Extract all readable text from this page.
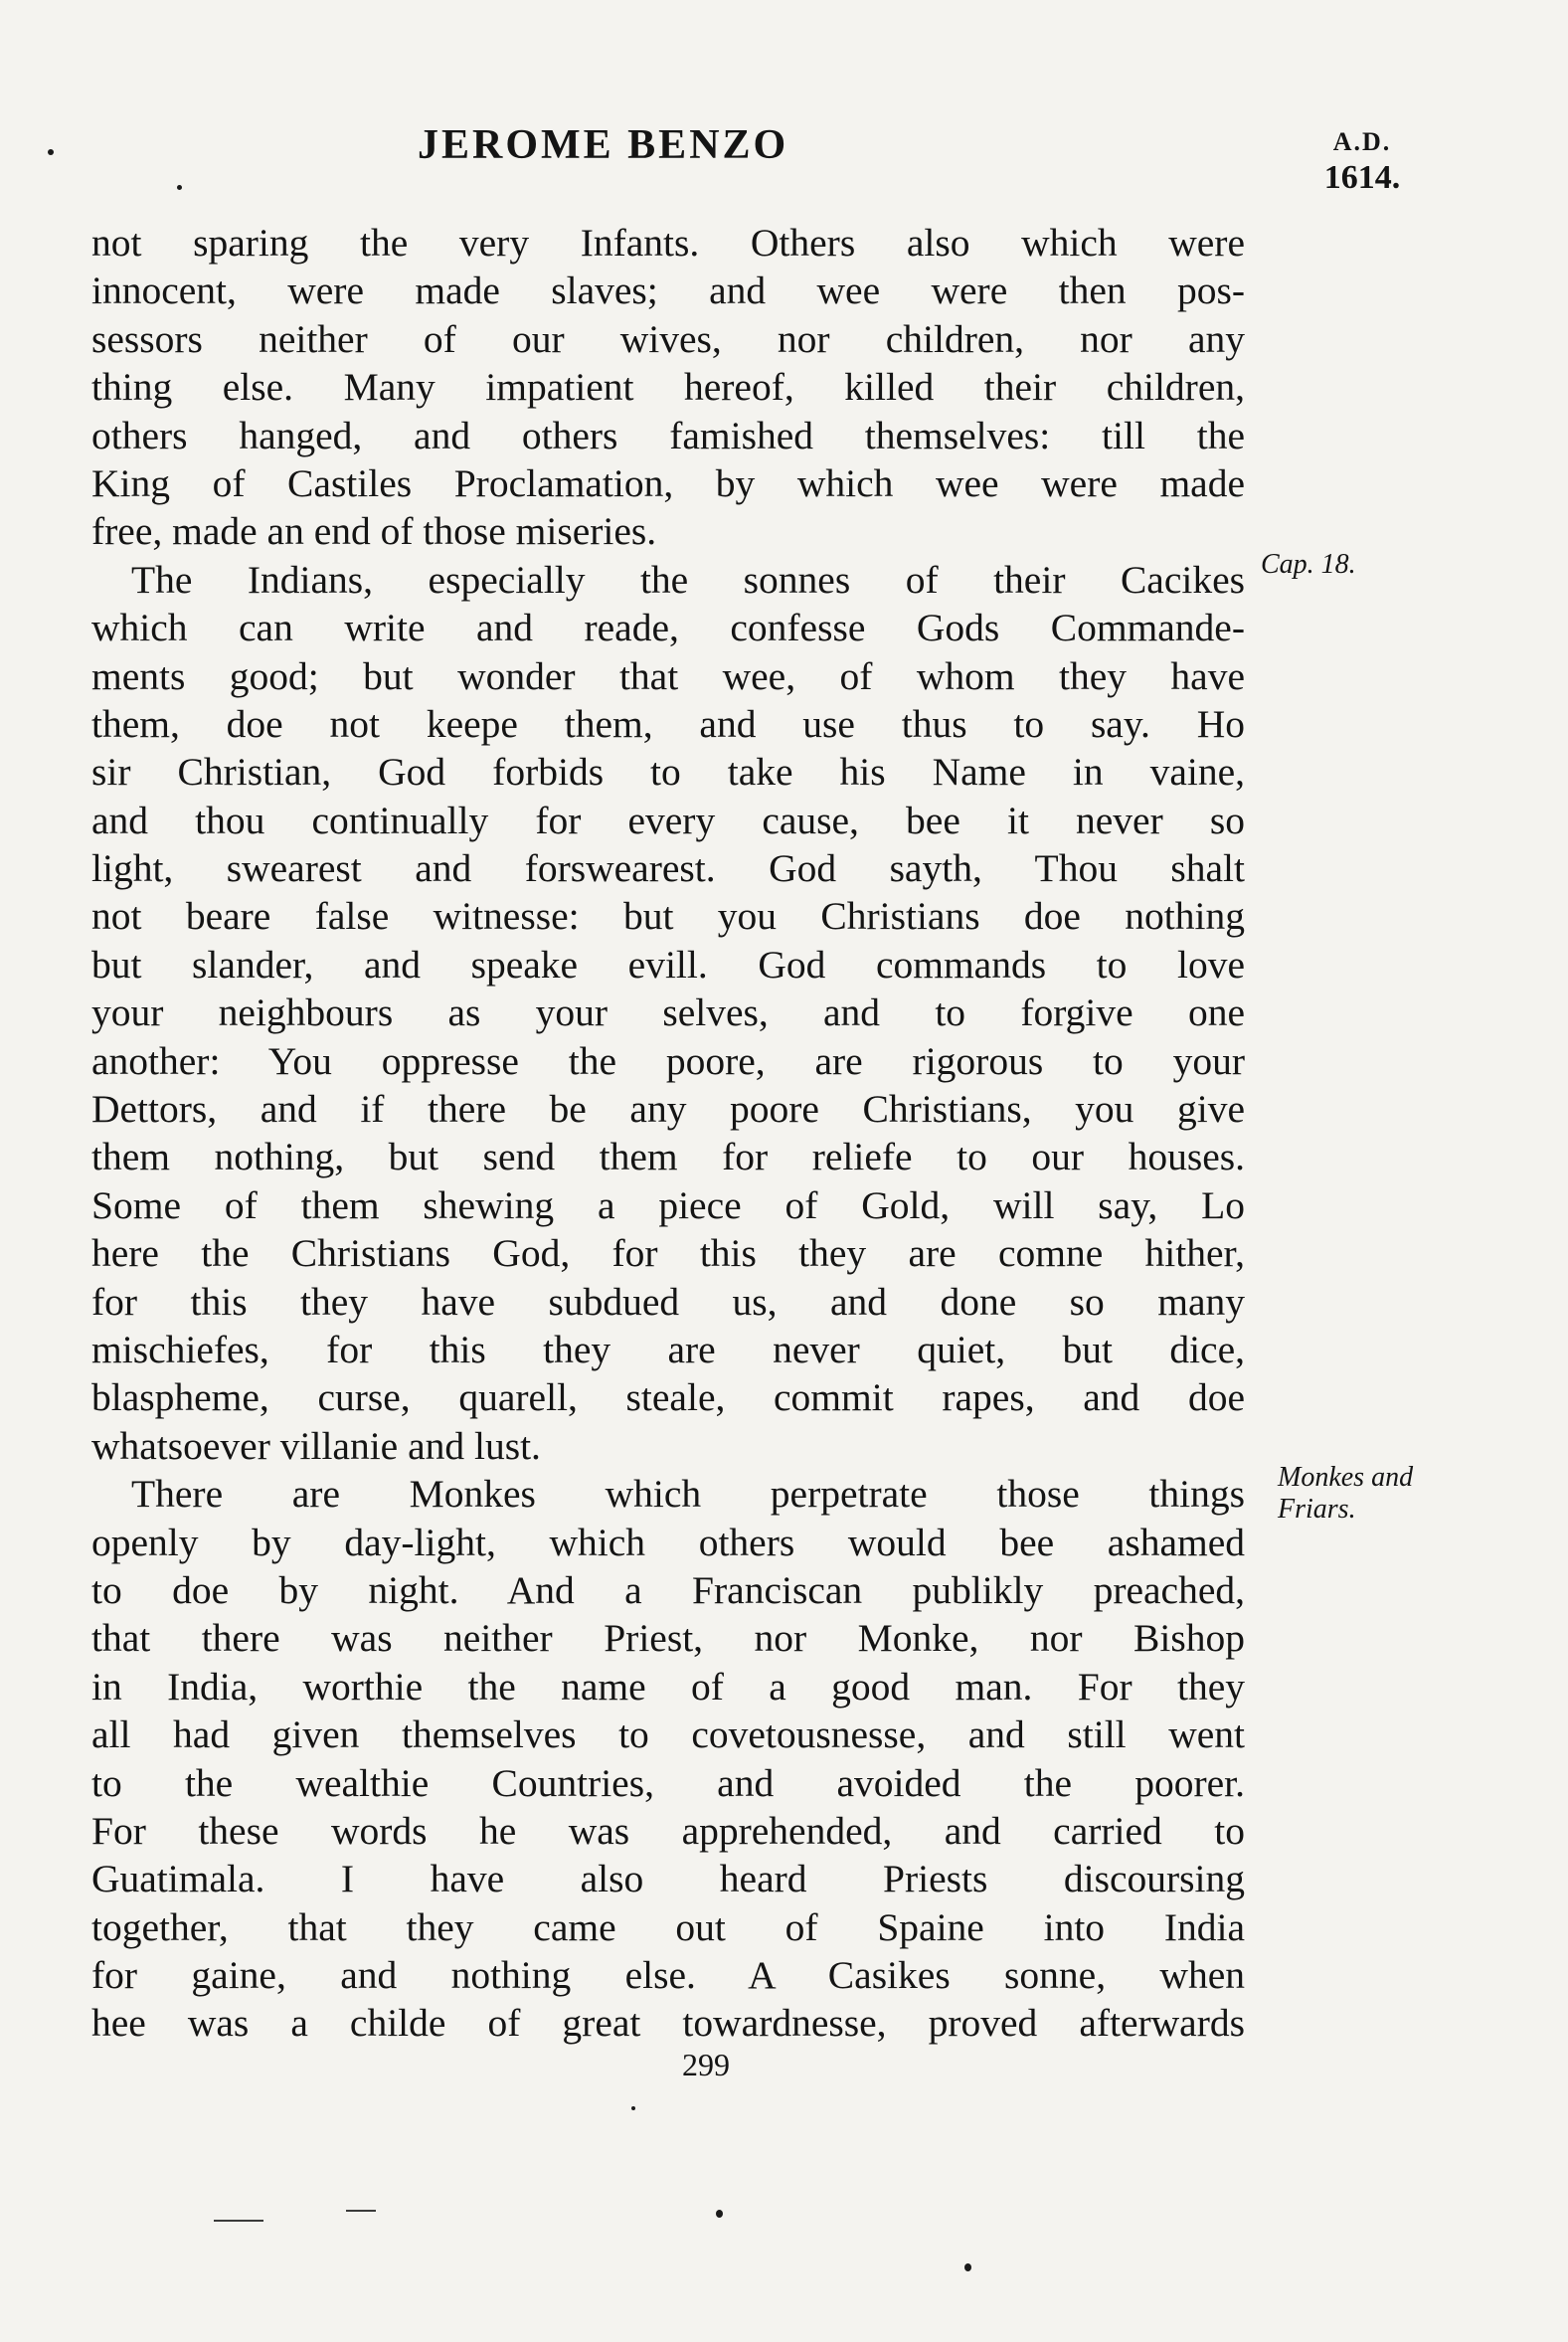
JEROME BENZO	A.D.
1614.
not sparing the very Infants. Others also which were
innocent, were made slaves; and wee were then pos-
sessors neither of our wives, nor children, nor any
thing else. Many impatient hereof, killed their children,
others hanged, and others famished themselves: till the
King of Castiles Proclamation, by which wee were made
free, made an end of those miseries.
The Indians, especially the sonnes of their Cacikes
which can write and reade, confesse Gods Commande-
ments good; but wonder that wee, of whom they have
them, doe not keepe them, and use thus to say. Ho
sir Christian, God forbids to take his Name in vaine,
and thou continually for every cause, bee it never so
light, swearest and forswearest. God sayth, Thou shalt
not beare false witnesse: but you Christians doe nothing
but slander, and speake evill. God commands to love
your neighbours as your selves, and to forgive one
another: You oppresse the poore, are rigorous to your
Dettors, and if there be any poore Christians, you give
them nothing, but send them for reliefe to our houses.
Some of them shewing a piece of Gold, will say, Lo
here the Christians God, for this they are comne hither,
for this they have subdued us, and done so many
mischiefes, for this they are never quiet, but dice,
blaspheme, curse, quarell, steale, commit rapes, and doe
whatsoever villanie and lust.
There are Monkes which perpetrate those things
openly by day-light, which others would bee ashamed
to doe by night. And a Franciscan publikly preached,
that there was neither Priest, nor Monke, nor Bishop
in India, worthie the name of a good man. For they
all had given themselves to covetousnesse, and still went
to the wealthie Countries, and avoided the poorer.
For these words he was apprehended, and carried to
Guatimala. I have also heard Priests discoursing
together, that they came out of Spaine into India
for gaine, and nothing else. A Casikes sonne, when
hee was a childe of great towardnesse, proved afterwards
Cap. 18.
Monkes and
Friars.
299
